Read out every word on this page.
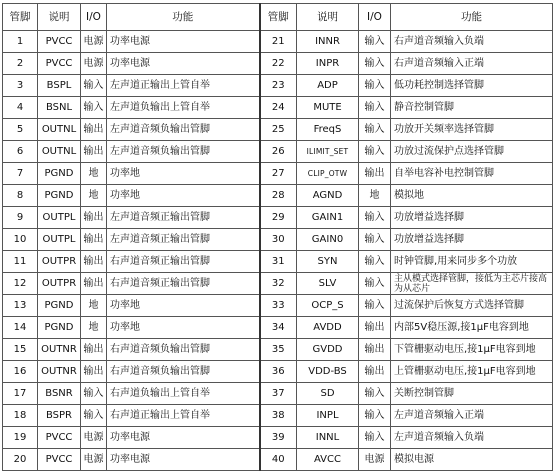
管脚	说明	I/O	功能	管脚	说明	I/O	功能
1	PVCC	电源	功率电源	21	INNR	输入	右声道音频输入负端
2	PVCC	电源	功率电源	22	INPR	输入	右声道音频输入正端
3	BSPL	输入	左声道正输出上管自举	23	ADP	输入	低功耗控制选择管脚
4	BSNL	输入	左声道负输出上管自举	24	MUTE	输入	静音控制管脚
5	OUTNL	输出	左声道音频负输出管脚	25	FreqS	输入	功放开关频率选择管脚
6	OUTNL	输出	左声道音频负输出管脚	26	ILIMIT_SET	输入	功放过流保护点选择管脚
7	PGND	地	功率地	27	CLIP_OTW	输出	自举电容补电控制管脚
8	PGND	地	功率地	28	AGND	地	模拟地
9	OUTPL	输出	左声道音频正输出管脚	29	GAIN1	输入	功放增益选择脚
10	OUTPL	输出	左声道音频正输出管脚	30	GAIN0	输入	功放增益选择脚
11	OUTPR	输出	右声道音频正输出管脚	31	SYN	输入	时钟管脚,用来同步多个功放
12	OUTPR	输出	右声道音频正输出管脚	32	SLV	输入	主从模式选择管脚，接低为主芯片接高为从芯片
13	PGND	地	功率地	33	OCP_S	输入	过流保护后恢复方式选择管脚
14	PGND	地	功率地	34	AVDD	输出	内部5V稳压源,接1μF电容到地
15	OUTNR	输出	右声道音频负输出管脚	35	GVDD	输出	下管栅驱动电压,接1μF电容到地
16	OUTNR	输出	右声道音频负输出管脚	36	VDD-BS	输出	上管栅驱动电压,接1μF电容到地
17	BSNR	输入	右声道负输出上管自举	37	SD	输入	关断控制管脚
18	BSPR	输入	右声道正输出上管自举	38	INPL	输入	左声道音频输入正端
19	PVCC	电源	功率电源	39	INNL	输入	左声道音频输入负端
20	PVCC	电源	功率电源	40	AVCC	电源	模拟电源
